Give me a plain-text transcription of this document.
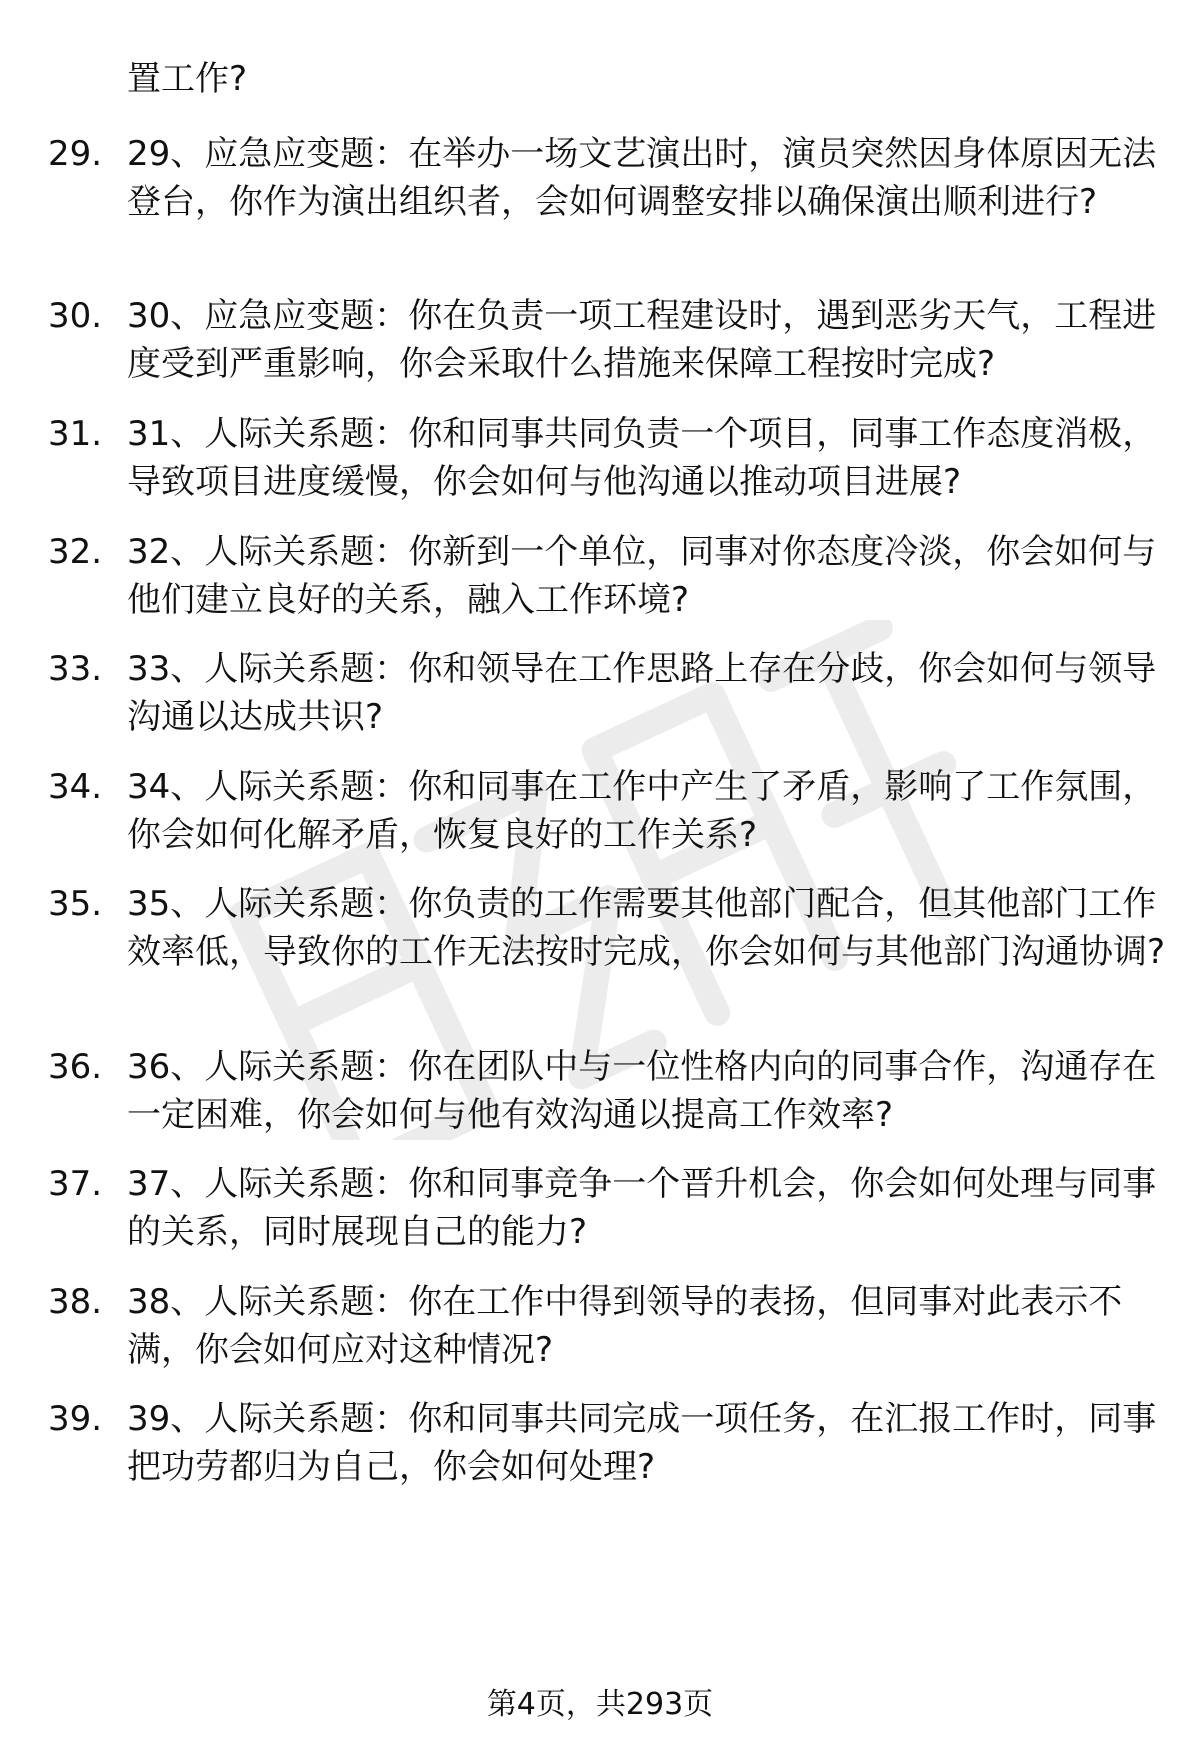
置工作?
29. 29、应急应变题：在举办一场文艺演出时，演员突然因身体原因无法登台，你作为演出组织者，会如何调整安排以确保演出顺利进行?
30. 30、应急应变题：你在负责一项工程建设时，遇到恶劣天气，工程进度受到严重影响，你会采取什么措施来保障工程按时完成?
31. 31、人际关系题：你和同事共同负责一个项目，同事工作态度消极，导致项目进度缓慢，你会如何与他沟通以推动项目进展?
32. 32、人际关系题：你新到一个单位，同事对你态度冷淡，你会如何与他们建立良好的关系，融入工作环境?
33. 33、人际关系题：你和领导在工作思路上存在分歧，你会如何与领导沟通以达成共识?
34. 34、人际关系题：你和同事在工作中产生了矛盾，影响了工作氛围，你会如何化解矛盾，恢复良好的工作关系?
35. 35、人际关系题：你负责的工作需要其他部门配合，但其他部门工作效率低，导致你的工作无法按时完成，你会如何与其他部门沟通协调?
36. 36、人际关系题：你在团队中与一位性格内向的同事合作，沟通存在一定困难，你会如何与他有效沟通以提高工作效率?
37. 37、人际关系题：你和同事竞争一个晋升机会，你会如何处理与同事的关系，同时展现自己的能力?
38. 38、人际关系题：你在工作中得到领导的表扬，但同事对此表示不满，你会如何应对这种情况?
39. 39、人际关系题：你和同事共同完成一项任务，在汇报工作时，同事把功劳都归为自己，你会如何处理?
第4页，共293页
